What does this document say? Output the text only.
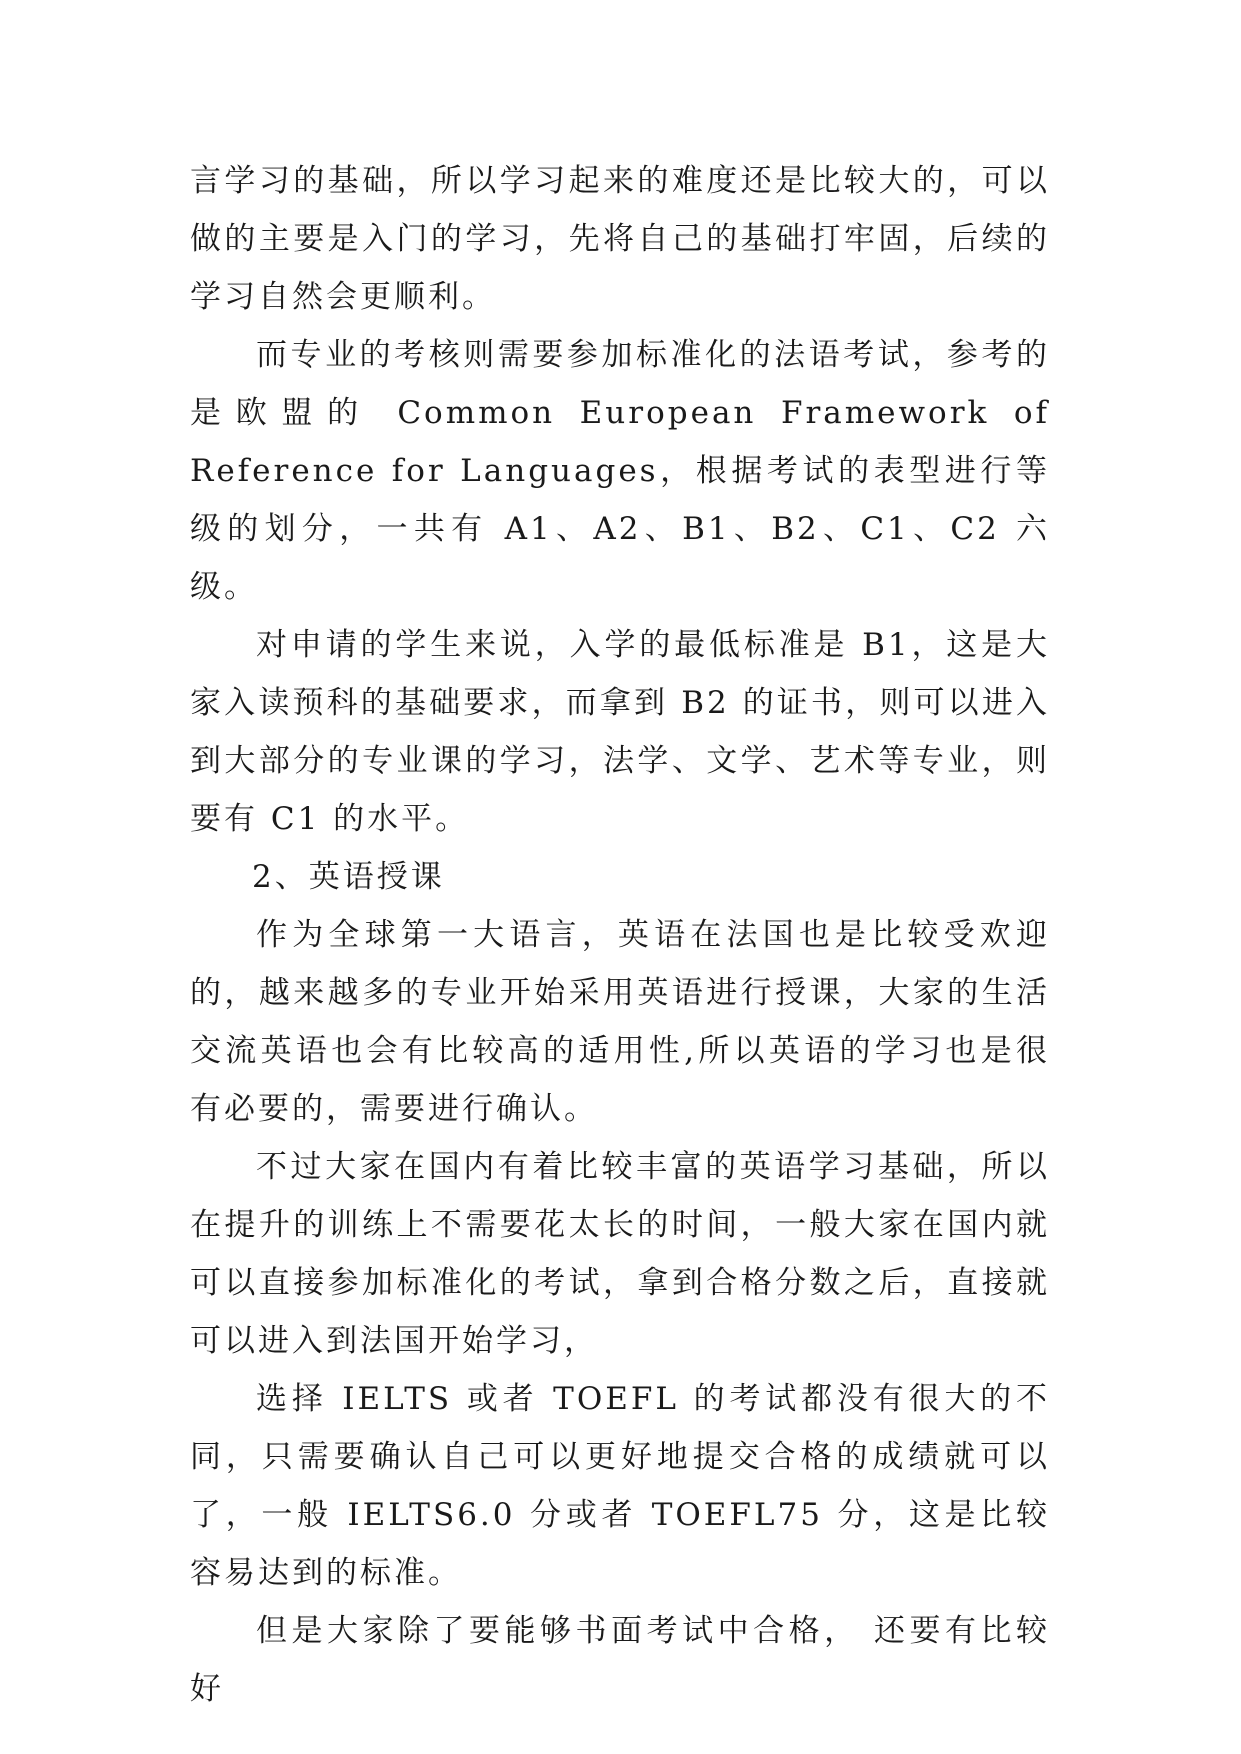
言学习的基础，所以学习起来的难度还是比较大的，可以做的主要是入门的学习，先将自己的基础打牢固，后续的学习自然会更顺利。

而专业的考核则需要参加标准化的法语考试，参考的是欧盟的 Common European Framework of Reference for Languages，根据考试的表型进行等级的划分，一共有 A1、A2、B1、B2、C1、C2 六级。

对申请的学生来说，入学的最低标准是 B1，这是大家入读预科的基础要求，而拿到 B2 的证书，则可以进入到大部分的专业课的学习，法学、文学、艺术等专业，则要有 C1 的水平。

2、英语授课

作为全球第一大语言，英语在法国也是比较受欢迎的，越来越多的专业开始采用英语进行授课，大家的生活交流英语也会有比较高的适用性,所以英语的学习也是很有必要的，需要进行确认。

不过大家在国内有着比较丰富的英语学习基础，所以在提升的训练上不需要花太长的时间，一般大家在国内就可以直接参加标准化的考试，拿到合格分数之后，直接就可以进入到法国开始学习，

选择 IELTS 或者 TOEFL 的考试都没有很大的不同，只需要确认自己可以更好地提交合格的成绩就可以了，一般 IELTS6.0 分或者 TOEFL75 分，这是比较容易达到的标准。

但是大家除了要能够书面考试中合格， 还要有比较好
